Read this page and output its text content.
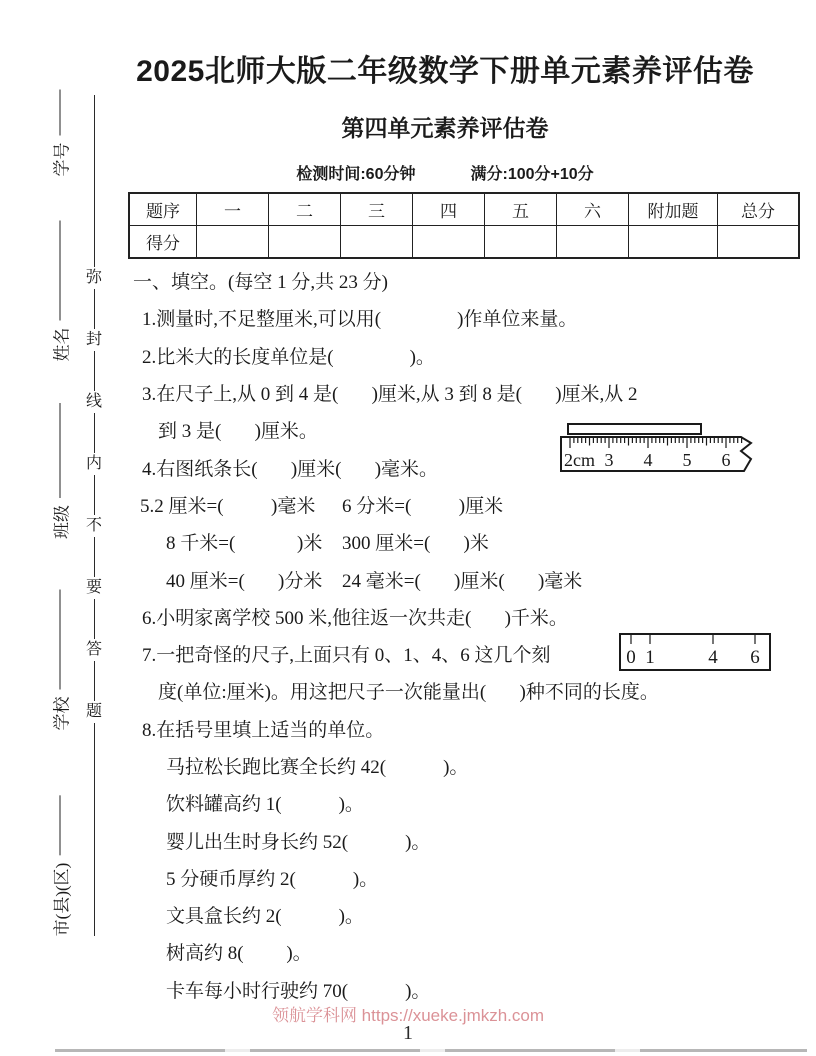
学号
姓名
班级
学校
市(县)(区)
弥
封
线
内
不
要
答
题
2025北师大版二年级数学下册单元素养评估卷
第四单元素养评估卷
检测时间:60分钟	满分:100分+10分
题序	一	二	三	四	五	六	附加题	总分
得分								
一、填空。(每空 1 分,共 23 分)
1.测量时,不足整厘米,可以用(                )作单位来量。
2.比米大的长度单位是(                )。
3.在尺子上,从 0 到 4 是(       )厘米,从 3 到 8 是(       )厘米,从 2
到 3 是(       )厘米。
4.右图纸条长(       )厘米(       )毫米。
5.2 厘米=(          )毫米	6 分米=(          )厘米
8 千米=(             )米	300 厘米=(       )米
40 厘米=(       )分米	24 毫米=(       )厘米(       )毫米
6.小明家离学校 500 米,他往返一次共走(       )千米。
7.一把奇怪的尺子,上面只有 0、1、4、6 这几个刻
度(单位:厘米)。用这把尺子一次能量出(       )种不同的长度。
8.在括号里填上适当的单位。
马拉松长跑比赛全长约 42(            )。
饮料罐高约 1(            )。
婴儿出生时身长约 52(            )。
5 分硬币厚约 2(            )。
文具盒长约 2(            )。
树高约 8(         )。
卡车每小时行驶约 70(            )。
2cm 3 4 5 6
0 1	4 6
领航学科网 https://xueke.jmkzh.com
1
